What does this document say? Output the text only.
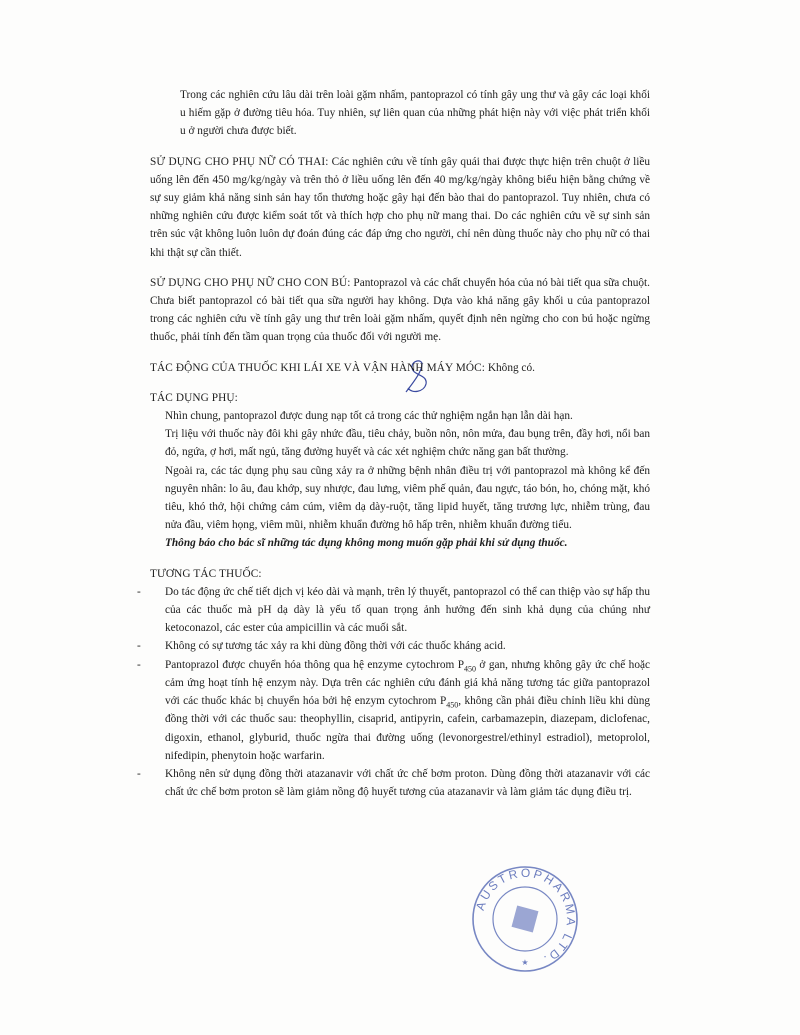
Trong các nghiên cứu lâu dài trên loài gặm nhấm, pantoprazol có tính gây ung thư và gây các loại khối u hiếm gặp ở đường tiêu hóa. Tuy nhiên, sự liên quan của những phát hiện này với việc phát triển khối u ở người chưa được biết.

SỬ DỤNG CHO PHỤ NỮ CÓ THAI: Các nghiên cứu về tính gây quái thai được thực hiện trên chuột ở liều uống lên đến 450 mg/kg/ngày và trên thỏ ở liều uống lên đến 40 mg/kg/ngày không biểu hiện bằng chứng về sự suy giảm khả năng sinh sản hay tổn thương hoặc gây hại đến bào thai do pantoprazol. Tuy nhiên, chưa có những nghiên cứu được kiểm soát tốt và thích hợp cho phụ nữ mang thai. Do các nghiên cứu về sự sinh sản trên súc vật không luôn luôn dự đoán đúng các đáp ứng cho người, chỉ nên dùng thuốc này cho phụ nữ có thai khi thật sự cần thiết.

SỬ DỤNG CHO PHỤ NỮ CHO CON BÚ: Pantoprazol và các chất chuyển hóa của nó bài tiết qua sữa chuột. Chưa biết pantoprazol có bài tiết qua sữa người hay không. Dựa vào khả năng gây khối u của pantoprazol trong các nghiên cứu về tính gây ung thư trên loài gặm nhấm, quyết định nên ngừng cho con bú hoặc ngừng thuốc, phải tính đến tầm quan trọng của thuốc đối với người mẹ.

TÁC ĐỘNG CỦA THUỐC KHI LÁI XE VÀ VẬN HÀNH MÁY MÓC: Không có.

TÁC DỤNG PHỤ:

Nhìn chung, pantoprazol được dung nạp tốt cả trong các thử nghiệm ngắn hạn lẫn dài hạn.

Trị liệu với thuốc này đôi khi gây nhức đầu, tiêu chảy, buồn nôn, nôn mửa, đau bụng trên, đầy hơi, nổi ban đỏ, ngứa, ợ hơi, mất ngủ, tăng đường huyết và các xét nghiệm chức năng gan bất thường.

Ngoài ra, các tác dụng phụ sau cũng xảy ra ở những bệnh nhân điều trị với pantoprazol mà không kể đến nguyên nhân: lo âu, đau khớp, suy nhược, đau lưng, viêm phế quản, đau ngực, táo bón, ho, chóng mặt, khó tiêu, khó thở, hội chứng cảm cúm, viêm dạ dày-ruột, tăng lipid huyết, tăng trương lực, nhiễm trùng, đau nửa đầu, viêm họng, viêm mũi, nhiễm khuẩn đường hô hấp trên, nhiễm khuẩn đường tiểu.

Thông báo cho bác sĩ những tác dụng không mong muốn gặp phải khi sử dụng thuốc.

TƯƠNG TÁC THUỐC:

- Do tác động ức chế tiết dịch vị kéo dài và mạnh, trên lý thuyết, pantoprazol có thể can thiệp vào sự hấp thu của các thuốc mà pH dạ dày là yếu tố quan trọng ảnh hưởng đến sinh khả dụng của chúng như ketoconazol, các ester của ampicillin và các muối sắt.
- Không có sự tương tác xảy ra khi dùng đồng thời với các thuốc kháng acid.
- Pantoprazol được chuyển hóa thông qua hệ enzyme cytochrom $P_{450}$ ở gan, nhưng không gây ức chế hoặc cảm ứng hoạt tính hệ enzym này. Dựa trên các nghiên cứu đánh giá khả năng tương tác giữa pantoprazol với các thuốc khác bị chuyển hóa bởi hệ enzym cytochrom $P_{450}$, không cần phải điều chỉnh liều khi dùng đồng thời với các thuốc sau: theophyllin, cisaprid, antipyrin, cafein, carbamazepin, diazepam, diclofenac, digoxin, ethanol, glyburid, thuốc ngừa thai đường uống (levonorgestrel/ethinyl estradiol), metoprolol, nifedipin, phenytoin hoặc warfarin.
- Không nên sử dụng đồng thời atazanavir với chất ức chế bơm proton. Dùng đồng thời atazanavir với các chất ức chế bơm proton sẽ làm giảm nồng độ huyết tương của atazanavir và làm giảm tác dụng điều trị.
AUSTROPHARMA LTD.
★
